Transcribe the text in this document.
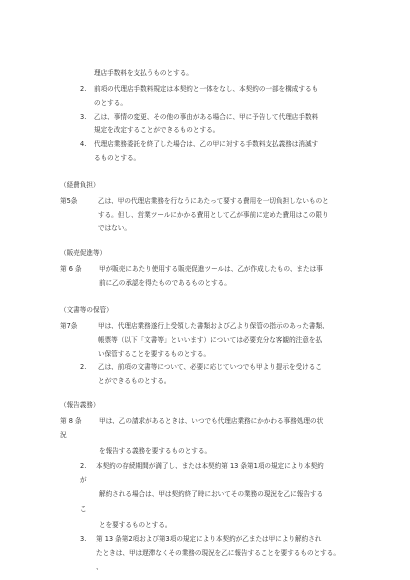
理店手数料を支払うものとする。
2. 前項の代理店手数料規定は本契約と一体をなし、本契約の一部を構成するも
のとする。
3. 乙は、事情の変更、その他の事由がある場合に、甲に予告して代理店手数料
規定を改定することができるものとする。
4. 代理店業務委託を終了した場合は、乙の甲に対する手数料支払義務は消滅す
るものとする。
（経費負担）
第5条	乙は、甲の代理店業務を行なうにあたって要する費用を一切負担しないものと
する。但し、営業ツールにかかる費用として乙が事前に定めた費用はこの限り
ではない。
（販売促進等）
第 6 条	甲が販売にあたり使用する販売促進ツールは、乙が作成したもの、または事
前に乙の承認を得たものであるものとする。
（文書等の保管）
第7条	甲は、代理店業務遂行上受領した書類および乙より保管の指示のあった書類、
帳票等（以下「文書等」といいます）については必要充分な客観的注意を払
い保管することを要するものとする。
2. 乙は、前項の文書等について、必要に応じていつでも甲より提示を受けるこ
とができるものとする。
（報告義務）
第 8 条	甲は、乙の請求があるときは、いつでも代理店業務にかかわる事務処理の状
況
を報告する義務を要するものとする。
2. 本契約の存続期間が満了し、または本契約第 13 条第1項の規定により本契約
が
解約される場合は、甲は契約終了時においてその業務の現況を乙に報告する
こ
とを要するものとする。
3. 第 13 条第2項および第3項の規定により本契約が乙または甲により解約され
たときは、甲は遅滞なくその業務の現況を乙に報告することを要するものとする。
、
